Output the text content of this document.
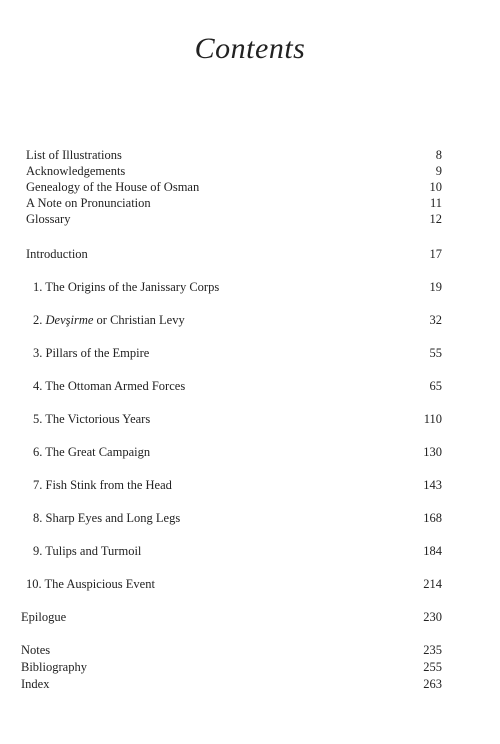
Contents
List of Illustrations	8
Acknowledgements	9
Genealogy of the House of Osman	10
A Note on Pronunciation	11
Glossary	12
Introduction	17
1. The Origins of the Janissary Corps	19
2. Devşirme or Christian Levy	32
3. Pillars of the Empire	55
4. The Ottoman Armed Forces	65
5. The Victorious Years	110
6. The Great Campaign	130
7. Fish Stink from the Head	143
8. Sharp Eyes and Long Legs	168
9. Tulips and Turmoil	184
10. The Auspicious Event	214
Epilogue	230
Notes	235
Bibliography	255
Index	263
